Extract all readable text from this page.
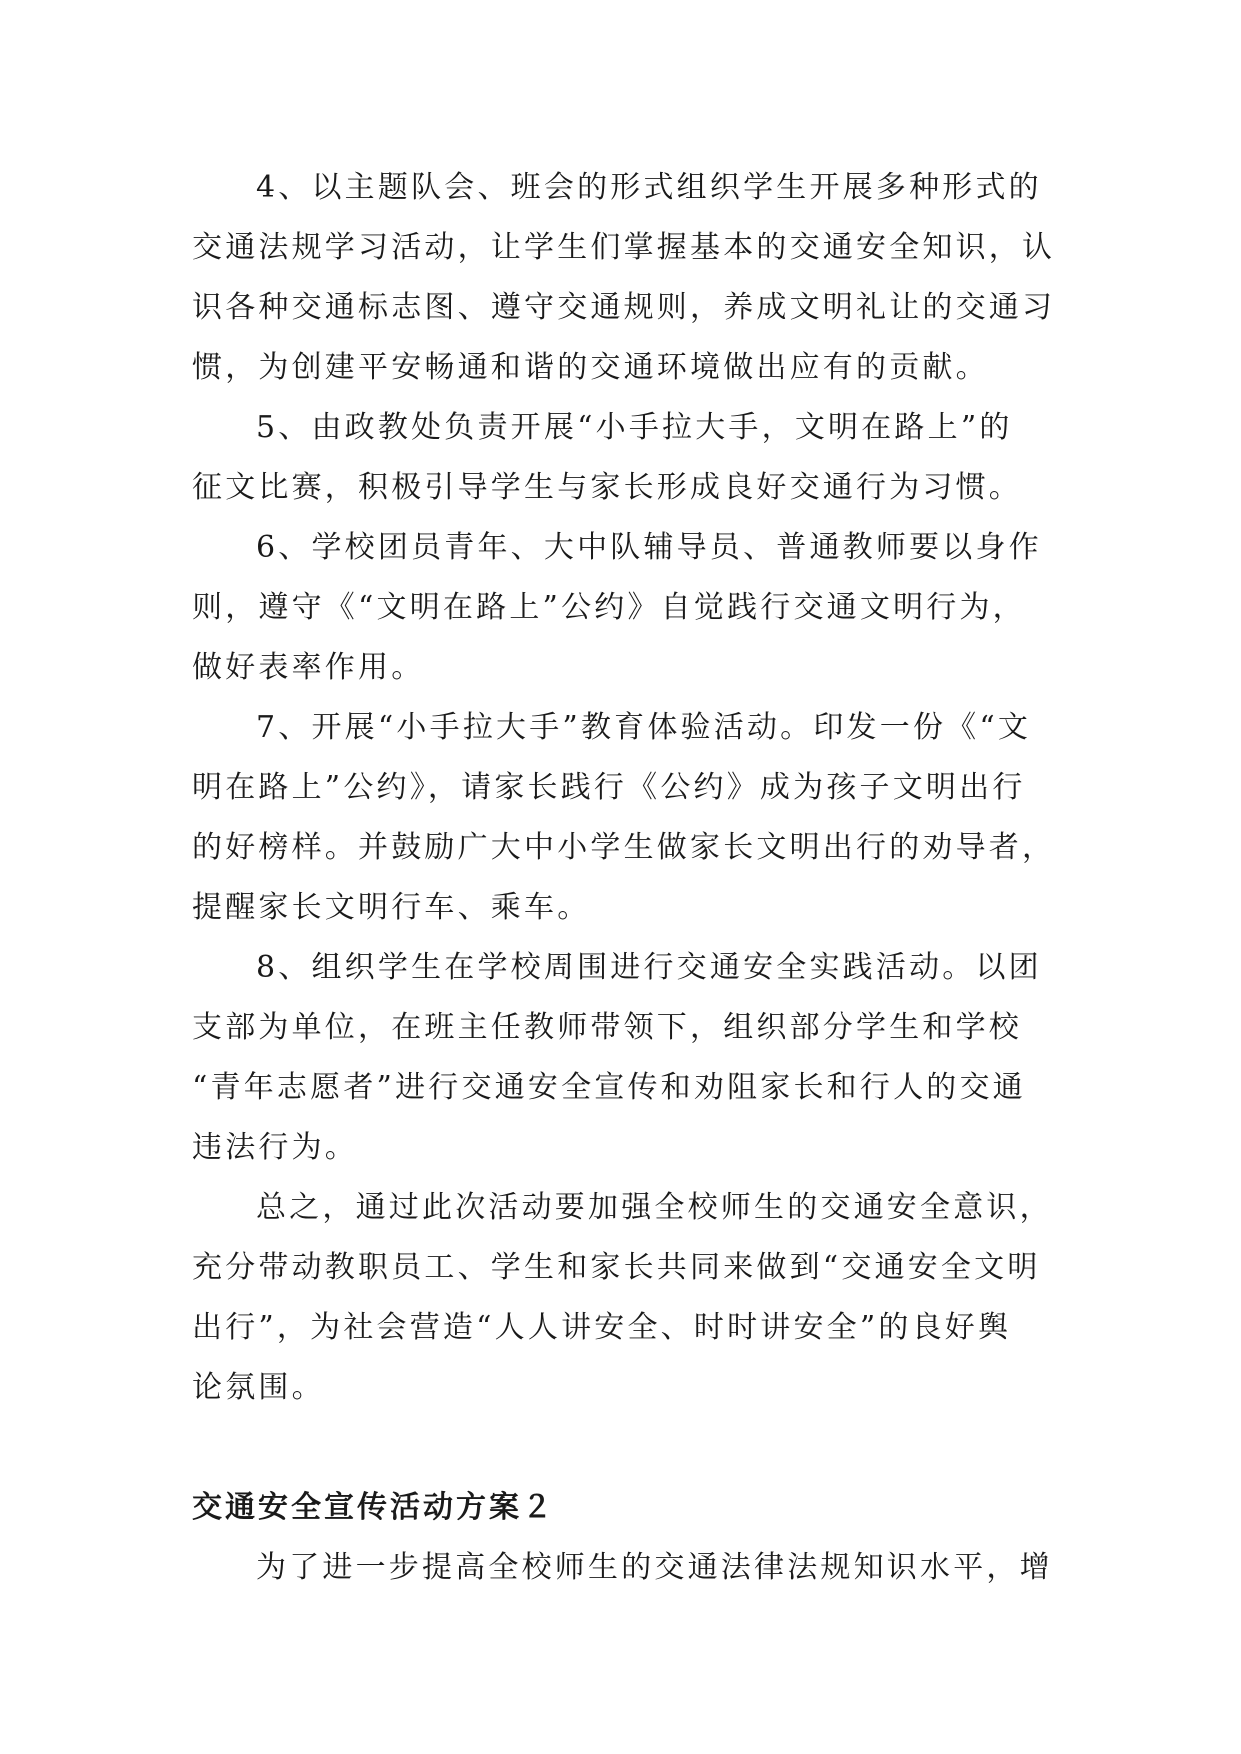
4、以主题队会、班会的形式组织学生开展多种形式的
交通法规学习活动，让学生们掌握基本的交通安全知识，认
识各种交通标志图、遵守交通规则，养成文明礼让的交通习
惯，为创建平安畅通和谐的交通环境做出应有的贡献。

5、由政教处负责开展“小手拉大手，文明在路上”的
征文比赛，积极引导学生与家长形成良好交通行为习惯。

6、学校团员青年、大中队辅导员、普通教师要以身作
则，遵守《“文明在路上”公约》自觉践行交通文明行为，
做好表率作用。

7、开展“小手拉大手”教育体验活动。印发一份《“文
明在路上”公约》，请家长践行《公约》成为孩子文明出行
的好榜样。并鼓励广大中小学生做家长文明出行的劝导者，
提醒家长文明行车、乘车。

8、组织学生在学校周围进行交通安全实践活动。以团
支部为单位，在班主任教师带领下，组织部分学生和学校
“青年志愿者”进行交通安全宣传和劝阻家长和行人的交通
违法行为。

总之，通过此次活动要加强全校师生的交通安全意识，
充分带动教职员工、学生和家长共同来做到“交通安全文明
出行”，为社会营造“人人讲安全、时时讲安全”的良好舆
论氛围。

交通安全宣传活动方案２

为了进一步提高全校师生的交通法律法规知识水平，增
